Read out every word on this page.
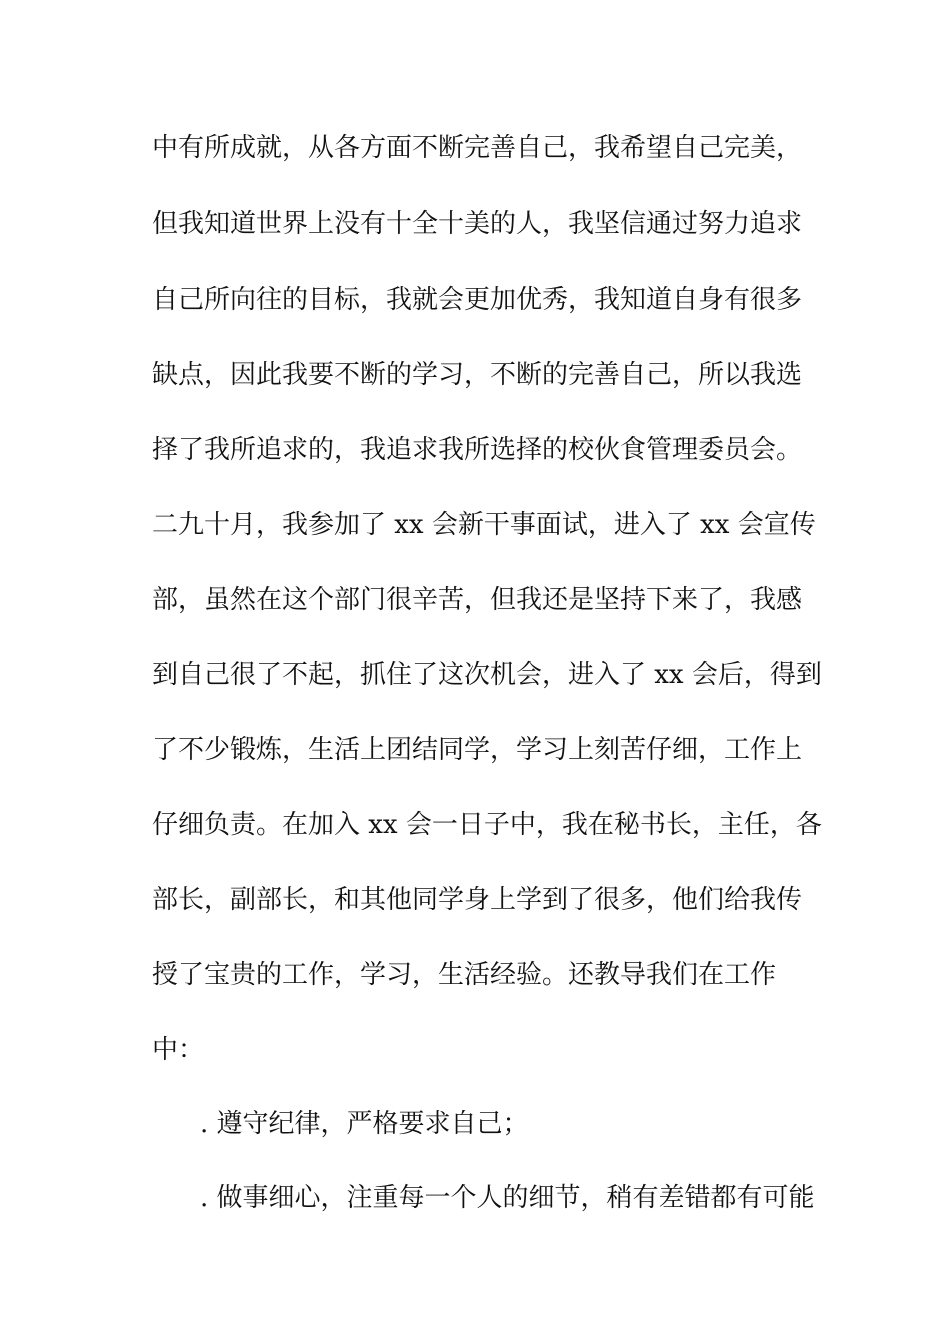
中有所成就，从各方面不断完善自己，我希望自己完美，
但我知道世界上没有十全十美的人，我坚信通过努力追求
自己所向往的目标，我就会更加优秀，我知道自身有很多
缺点，因此我要不断的学习，不断的完善自己，所以我选
择了我所追求的，我追求我所选择的校伙食管理委员会。
二九十月，我参加了 xx 会新干事面试，进入了 xx 会宣传
部，虽然在这个部门很辛苦，但我还是坚持下来了，我感
到自己很了不起，抓住了这次机会，进入了 xx 会后，得到
了不少锻炼，生活上团结同学，学习上刻苦仔细，工作上
仔细负责。在加入 xx 会一日子中，我在秘书长，主任，各
部长，副部长，和其他同学身上学到了很多，他们给我传
授了宝贵的工作，学习，生活经验。还教导我们在工作
中：
. 遵守纪律，严格要求自己；
. 做事细心，注重每一个人的细节，稍有差错都有可能
